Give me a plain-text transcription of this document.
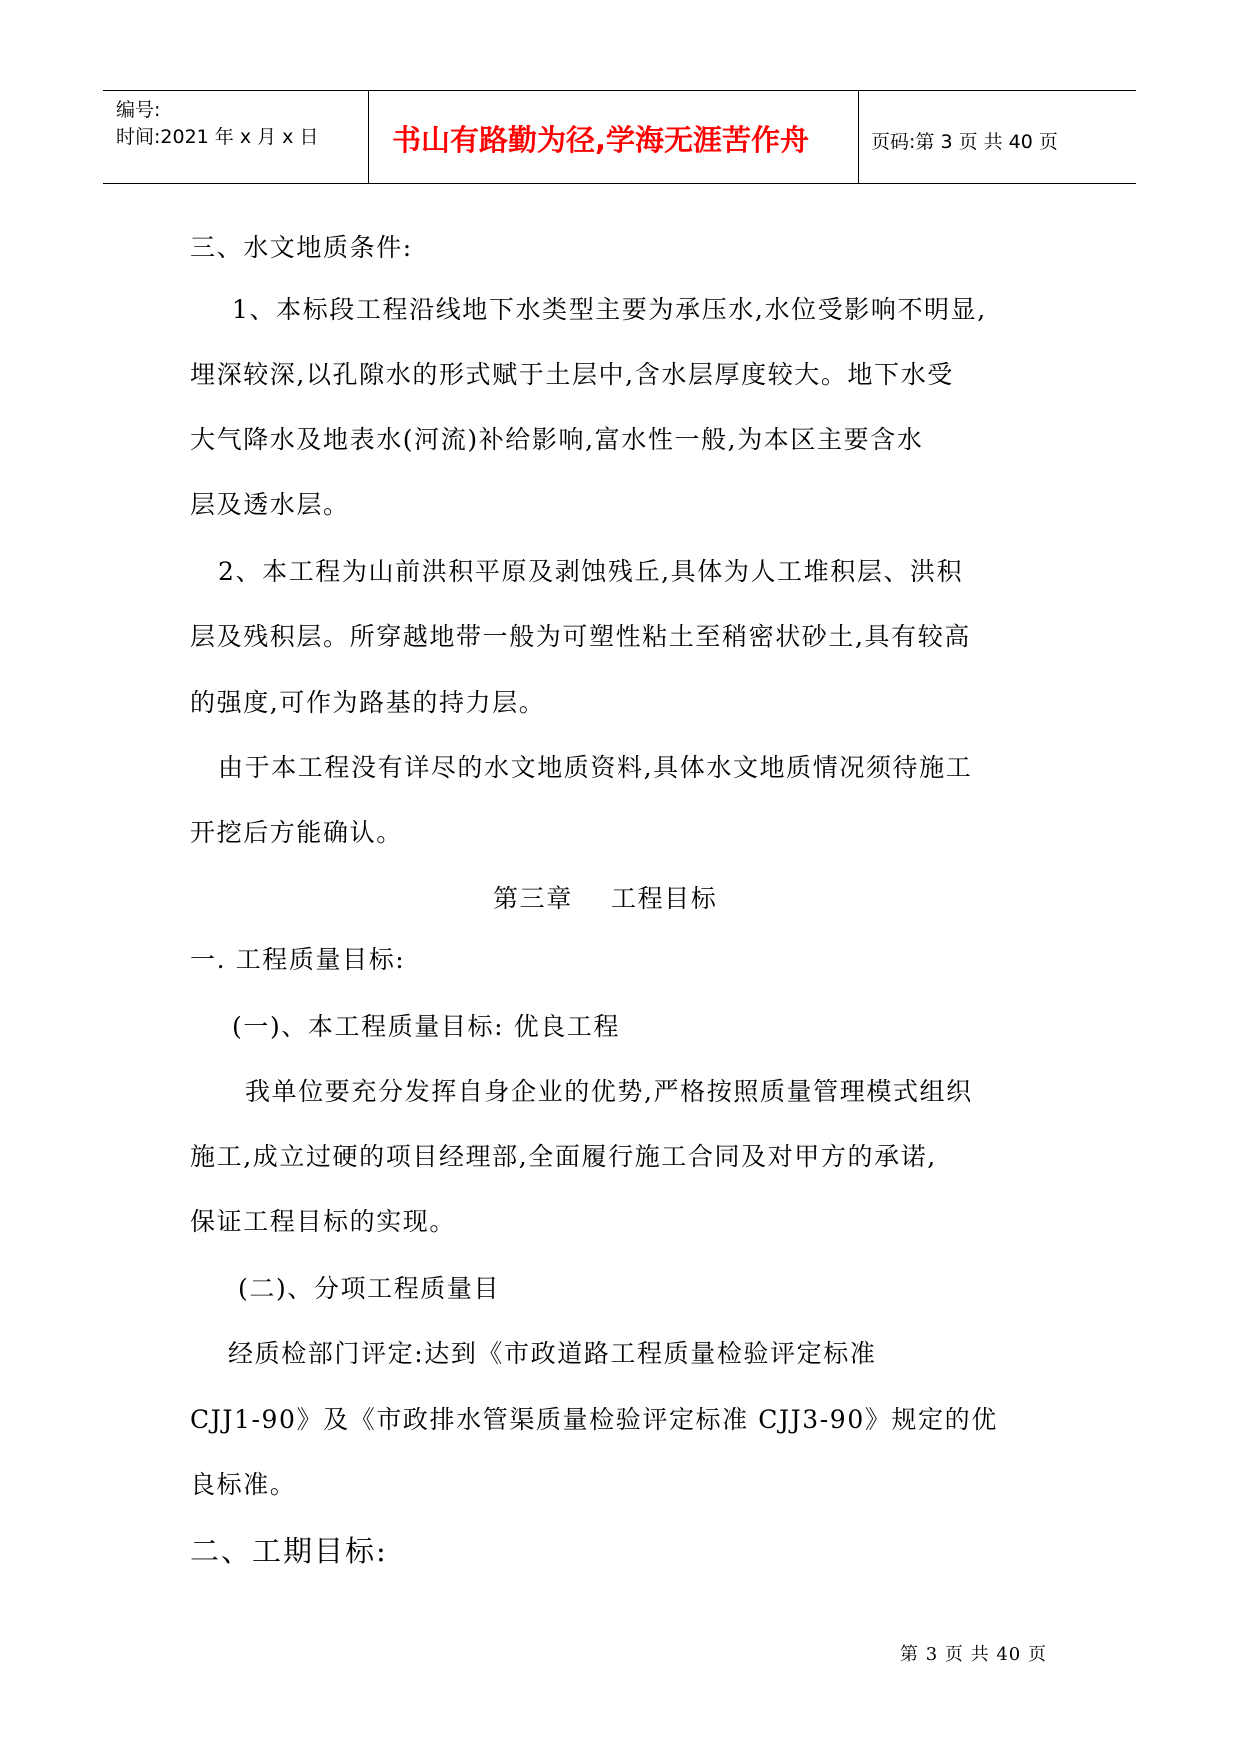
编号:
时间:2021 年 x 月 x 日	书山有路勤为径,学海无涯苦作舟	页码:第 3 页 共 40 页
三、水文地质条件:
1、本标段工程沿线地下水类型主要为承压水,水位受影响不明显,
埋深较深,以孔隙水的形式赋于土层中,含水层厚度较大。地下水受
大气降水及地表水(河流)补给影响,富水性一般,为本区主要含水
层及透水层。
2、本工程为山前洪积平原及剥蚀残丘,具体为人工堆积层、洪积
层及残积层。所穿越地带一般为可塑性粘土至稍密状砂土,具有较高
的强度,可作为路基的持力层。
由于本工程没有详尽的水文地质资料,具体水文地质情况须待施工
开挖后方能确认。
第三章    工程目标
一. 工程质量目标:
(一)、本工程质量目标: 优良工程
我单位要充分发挥自身企业的优势,严格按照质量管理模式组织
施工,成立过硬的项目经理部,全面履行施工合同及对甲方的承诺,
保证工程目标的实现。
(二)、分项工程质量目
经质检部门评定:达到《市政道路工程质量检验评定标准
CJJ1-90》及《市政排水管渠质量检验评定标准 CJJ3-90》规定的优
良标准。
二、工期目标:
第 3 页 共 40 页
